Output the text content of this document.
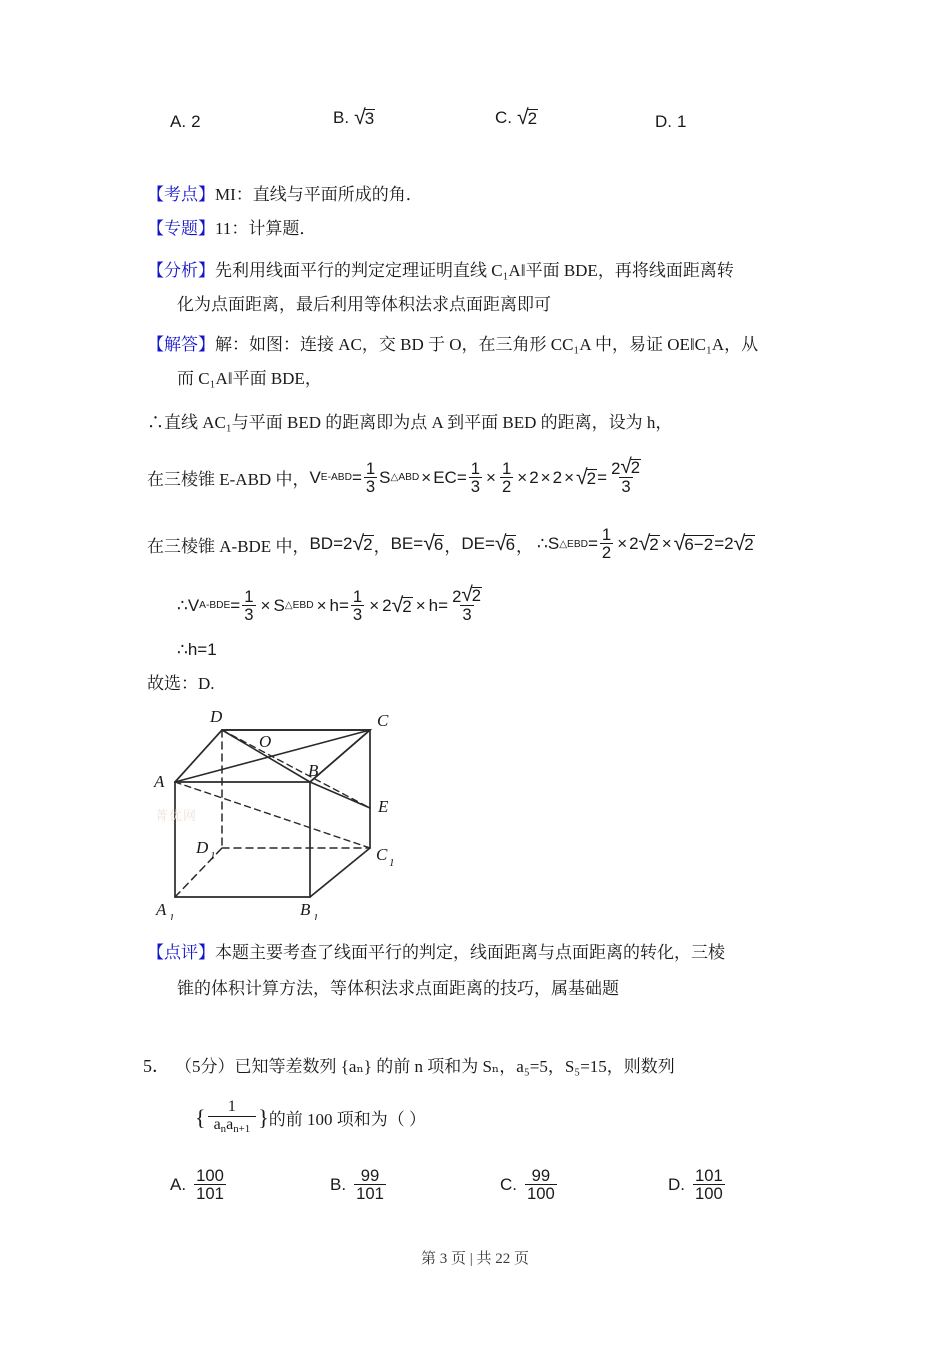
A. 2	B. √ 3	C. √ 2	D. 1
【考点】MI：直线与平面所成的角．
【专题】11：计算题．
【分析】先利用线面平行的判定定理证明直线 C₁A‖平面 BDE，再将线面距离转
化为点面距离，最后利用等体积法求点面距离即可
【解答】解：如图：连接 AC，交 BD 于 O，在三角形 CC₁A 中，易证 OE‖C₁A，从
而 C₁A‖平面 BDE，
∴直线 AC₁与平面 BED 的距离即为点 A 到平面 BED 的距离，设为 h，
在三棱锥 E‐ABD 中， V E‐ABD = $\frac{1}{3}$ S △ABD × EC = $\frac{1}{3} \times \frac{1}{2} \times 2 \times 2$ × √ $2 = \frac{2 √ 2}{3}$
在三棱锥 A‐BDE 中， BD=2 √ 2 ， BE= √ 6 ， DE= √ 6 ， ∴S △EBD = $\frac{1}{2} \times 2$ √ 2 × √ 6−2 =2 √ 2
∴V A‐BDE = $\frac{1}{3} \times S$ △EBD × $h = \frac{1}{3} \times 2$ √ $2 \times h = \frac{2 √ 2}{3}$
∴h=1
故选：D.
D	C
O
B
A
E
D 1	C 1
A 1	B 1
菁优网
【点评】本题主要考查了线面平行的判定，线面距离与点面距离的转化，三棱
锥的体积计算方法，等体积法求点面距离的技巧，属基础题
5． （5分）已知等差数列 {aₙ} 的前 n 项和为 Sₙ，a₅=5，S₅=15，则数列
{ $\frac{1}{a_na_{n+1}}$ } 的前 100 项和为（ ）
A. $\frac{100}{101}$	B. $\frac{99}{101}$	C. $\frac{99}{100}$	D. $\frac{101}{100}$
第 3 页 | 共 22 页
